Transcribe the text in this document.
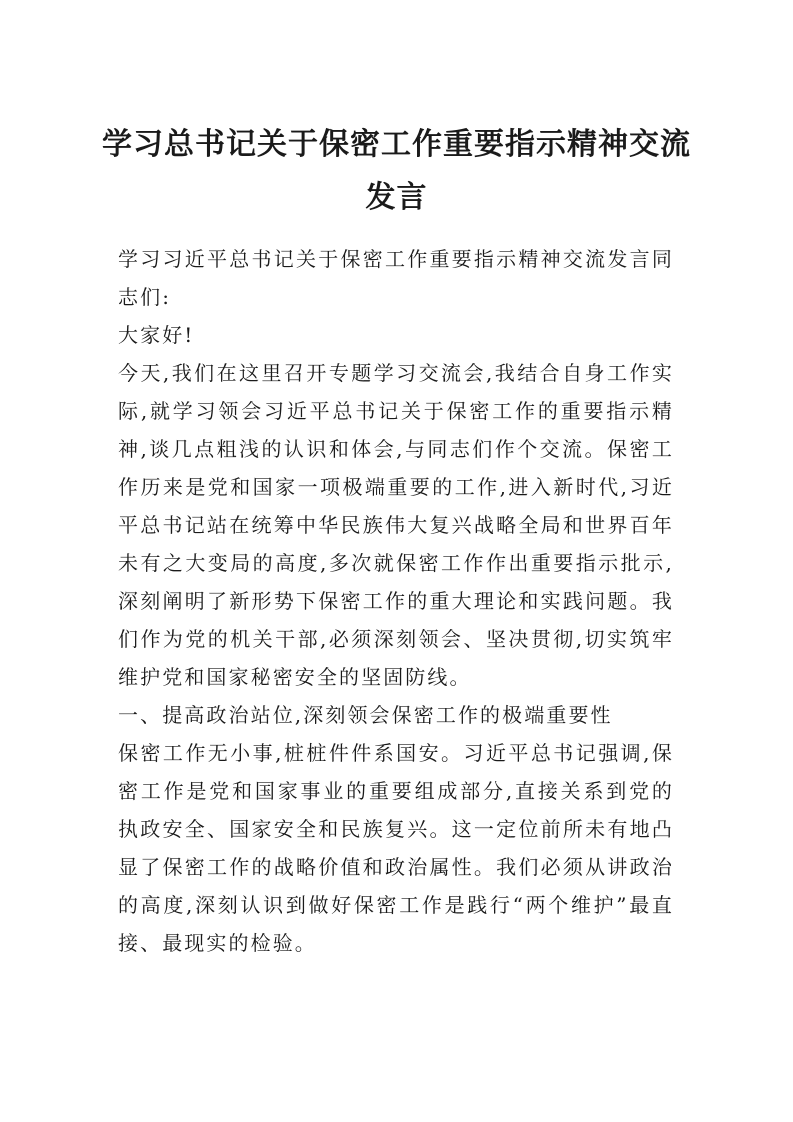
学习总书记关于保密工作重要指示精神交流发言

学习习近平总书记关于保密工作重要指示精神交流发言同志们:

大家好!

今天,我们在这里召开专题学习交流会,我结合自身工作实际,就学习领会习近平总书记关于保密工作的重要指示精神,谈几点粗浅的认识和体会,与同志们作个交流。保密工作历来是党和国家一项极端重要的工作,进入新时代,习近平总书记站在统筹中华民族伟大复兴战略全局和世界百年未有之大变局的高度,多次就保密工作作出重要指示批示,深刻阐明了新形势下保密工作的重大理论和实践问题。我们作为党的机关干部,必须深刻领会、坚决贯彻,切实筑牢维护党和国家秘密安全的坚固防线。

一、提高政治站位,深刻领会保密工作的极端重要性

保密工作无小事,桩桩件件系国安。习近平总书记强调,保密工作是党和国家事业的重要组成部分,直接关系到党的执政安全、国家安全和民族复兴。这一定位前所未有地凸显了保密工作的战略价值和政治属性。我们必须从讲政治的高度,深刻认识到做好保密工作是践行“两个维护”最直接、最现实的检验。
